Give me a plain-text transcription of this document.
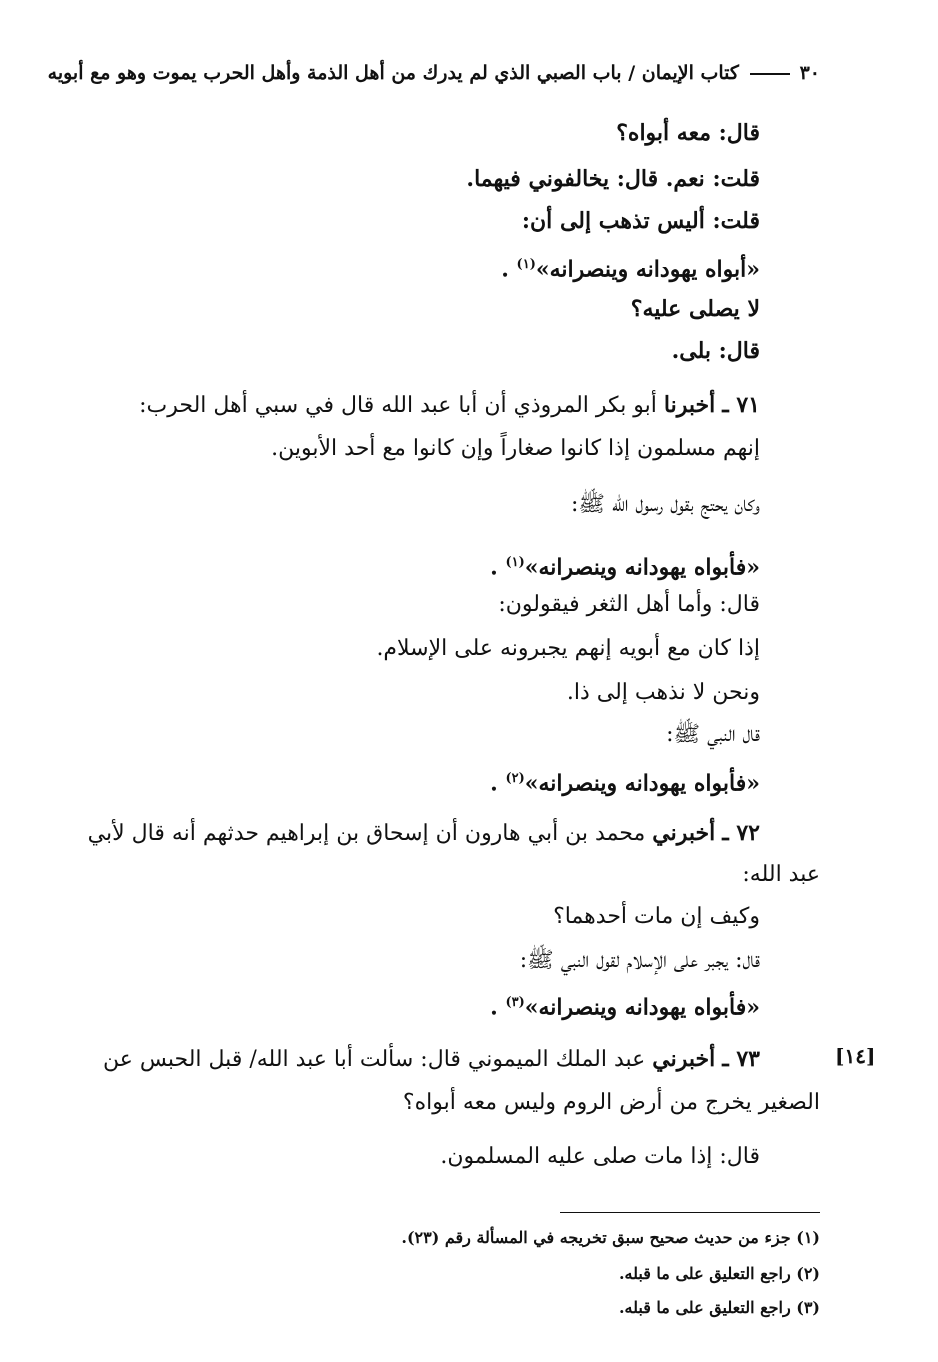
٣٠ كتاب الإيمان / باب الصبي الذي لم يدرك من أهل الذمة وأهل الحرب يموت وهو مع أبويه
قال: معه أبواه؟
قلت: نعم. قال: يخالفوني فيهما.
قلت: أليس تذهب إلى أن:
«أبواه يهودانه وينصرانه»$^{(١)}$ .
لا يصلى عليه؟
قال: بلى.
٧١ ـ أخبرنا أبو بكر المروذي أن أبا عبد الله قال في سبي أهل الحرب:
إنهم مسلمون إذا كانوا صغاراً وإن كانوا مع أحد الأبوين.
وكان يحتج بقول رسول الله ﷺ:
«فأبواه يهودانه وينصرانه»$^{(١)}$ .
قال: وأما أهل الثغر فيقولون:
إذا كان مع أبويه إنهم يجبرونه على الإسلام.
ونحن لا نذهب إلى ذا.
قال النبي ﷺ:
«فأبواه يهودانه وينصرانه»$^{(٢)}$ .
٧٢ ـ أخبرني محمد بن أبي هارون أن إسحاق بن إبراهيم حدثهم أنه قال لأبي
عبد الله:
وكيف إن مات أحدهما؟
قال: يجبر على الإسلام لقول النبي ﷺ:
«فأبواه يهودانه وينصرانه»$^{(٣)}$ .
[١٤]
٧٣ ـ أخبرني عبد الملك الميموني قال: سألت أبا عبد الله/ قبل الحبس عن
الصغير يخرج من أرض الروم وليس معه أبواه؟
قال: إذا مات صلى عليه المسلمون.
(١) جزء من حديث صحيح سبق تخريجه في المسألة رقم (٢٣).
(٢) راجع التعليق على ما قبله.
(٣) راجع التعليق على ما قبله.
